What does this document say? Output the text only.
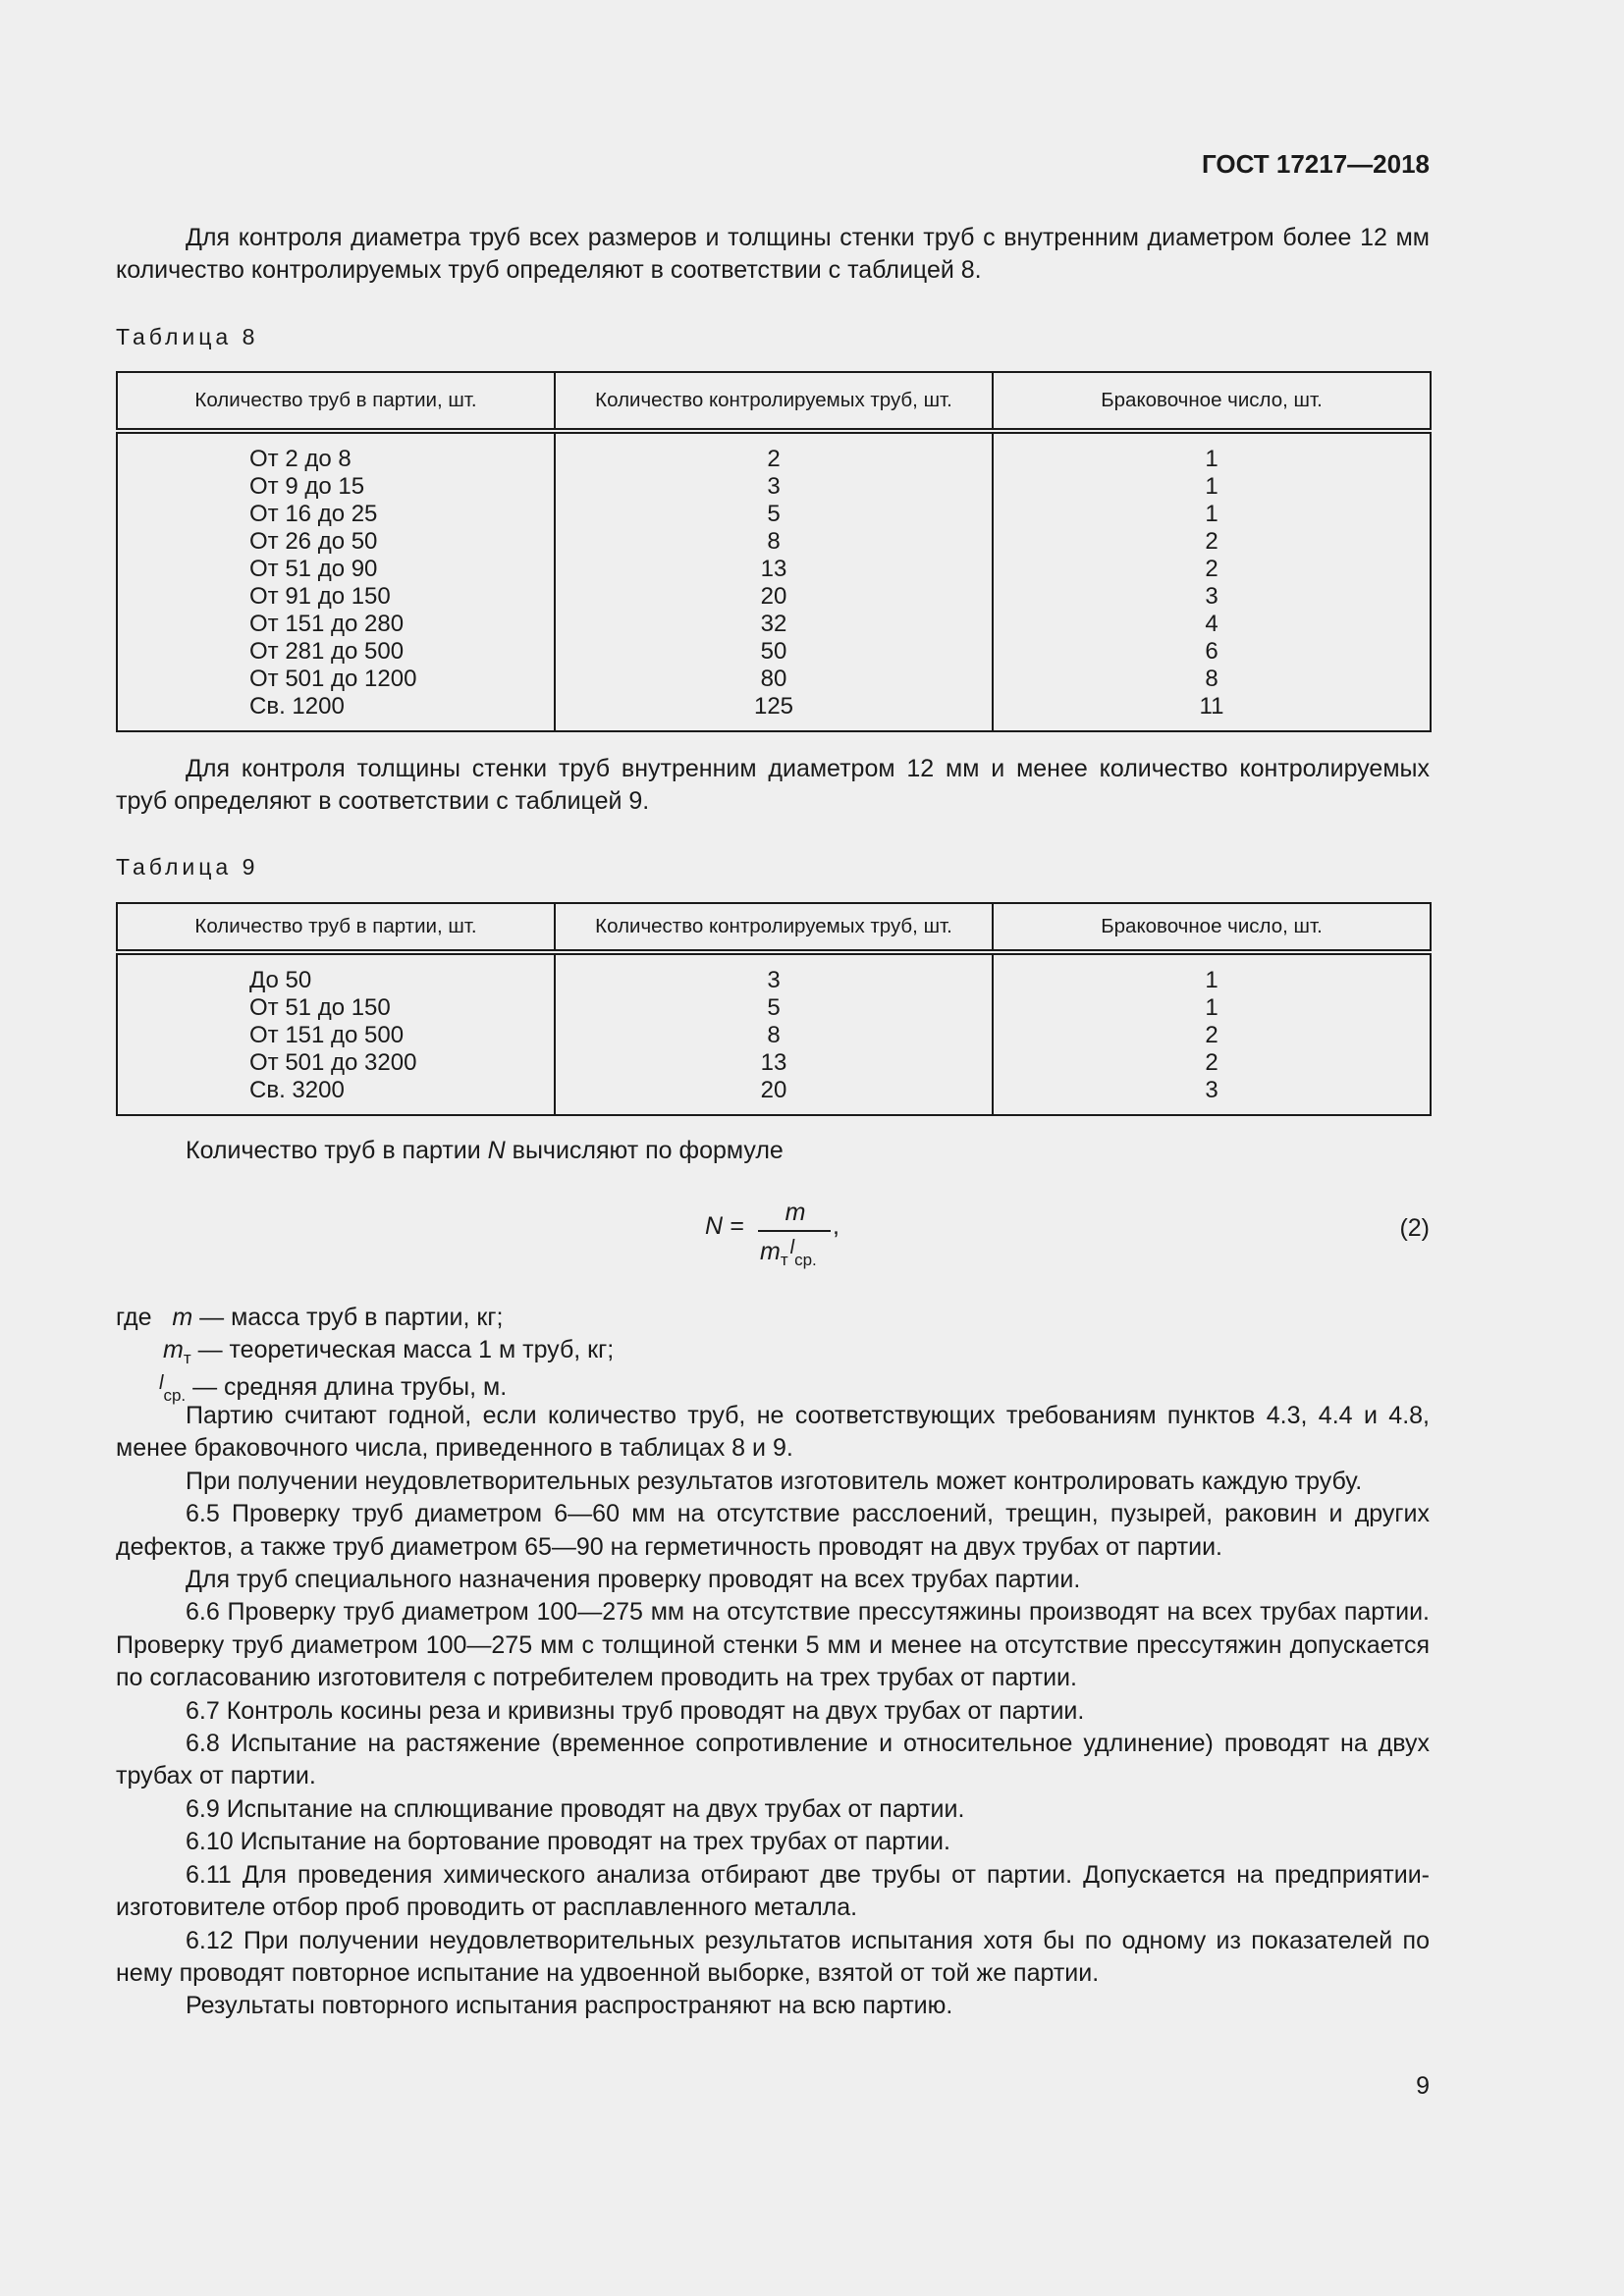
ГОСТ 17217—2018

Для контроля диаметра труб всех размеров и толщины стенки труб с внутренним диаметром более 12 мм количество контролируемых труб определяют в соответствии с таблицей 8.

Таблица 8
Количество труб в партии, шт.	Количество контролируемых труб, шт.	Браковочное число, шт.
От 2 до 8	2	1
От 9 до 15	3	1
От 16 до 25	5	1
От 26 до 50	8	2
От 51 до 90	13	2
От 91 до 150	20	3
От 151 до 280	32	4
От 281 до 500	50	6
От 501 до 1200	80	8
Св. 1200	125	11

Для контроля толщины стенки труб внутренним диаметром 12 мм и менее количество контролируемых труб определяют в соответствии с таблицей 9.

Таблица 9
Количество труб в партии, шт.	Количество контролируемых труб, шт.	Браковочное число, шт.
До 50	3	1
От 51 до 150	5	1
От 151 до 500	8	2
От 501 до 3200	13	2
Св. 3200	20	3
Количество труб в партии N вычисляют по формуле
N =	m
$m_т^l_{ср.}$
,	(2)
где m — масса труб в партии, кг;
$m_т$ — теоретическая масса 1 м труб, кг;
$^l_{ср.}$ — средняя длина трубы, м.

Партию считают годной, если количество труб, не соответствующих требованиям пунктов 4.3, 4.4 и 4.8, менее браковочного числа, приведенного в таблицах 8 и 9.

При получении неудовлетворительных результатов изготовитель может контролировать каждую трубу.

6.5 Проверку труб диаметром 6—60 мм на отсутствие расслоений, трещин, пузырей, раковин и других дефектов, а также труб диаметром 65—90 на герметичность проводят на двух трубах от партии.

Для труб специального назначения проверку проводят на всех трубах партии.

6.6 Проверку труб диаметром 100—275 мм на отсутствие прессутяжины производят на всех трубах партии. Проверку труб диаметром 100—275 мм с толщиной стенки 5 мм и менее на отсутствие прессутяжин допускается по согласованию изготовителя с потребителем проводить на трех трубах от партии.

6.7 Контроль косины реза и кривизны труб проводят на двух трубах от партии.

6.8 Испытание на растяжение (временное сопротивление и относительное удлинение) проводят на двух трубах от партии.

6.9 Испытание на сплющивание проводят на двух трубах от партии.

6.10 Испытание на бортование проводят на трех трубах от партии.

6.11 Для проведения химического анализа отбирают две трубы от партии. Допускается на предприятии-изготовителе отбор проб проводить от расплавленного металла.

6.12 При получении неудовлетворительных результатов испытания хотя бы по одному из показателей по нему проводят повторное испытание на удвоенной выборке, взятой от той же партии.

Результаты повторного испытания распространяют на всю партию.

9
